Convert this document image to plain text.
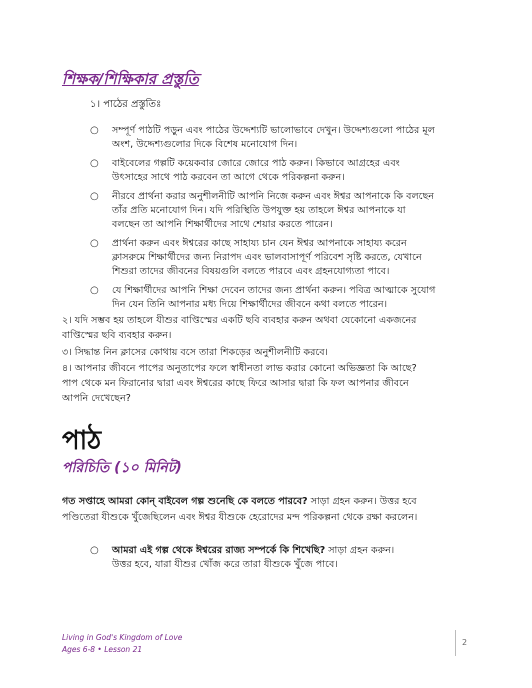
শিক্ষক/শিক্ষিকার প্রস্তুতি
১। পাঠের প্রস্তুতিঃ
○ সম্পূর্ণ পাঠটি পড়ুন এবং পাঠের উদ্দেশ্যটি ভালোভাবে দেখুন। উদ্দেশ্যগুলো পাঠের মূল
অংশ, উদ্দেশ্যগুলোর দিকে বিশেষ মনোযোগ দিন।
○ বাইবেলের গল্পটি কয়েকবার জোরে জোরে পাঠ করুন। কিভাবে আগ্রহের এবং
উৎসাহের সাথে পাঠ করবেন তা আগে থেকে পরিকল্পনা করুন।
○ নীরবে প্রার্থনা করার অনুশীলনীটি আপনি নিজে করুন এবং ঈশ্বর আপনাকে কি বলছেন
তাঁর প্রতি মনোযোগ দিন। যদি পরিস্থিতি উপযুক্ত হয় তাহলে ঈশ্বর আপনাকে যা
বলছেন তা আপনি শিক্ষার্থীদের সাথে শেয়ার করতে পারেন।
○ প্রার্থনা করুন এবং ঈশ্বরের কাছে সাহায্য চান যেন ঈশ্বর আপনাকে সাহায্য করেন
ক্লাসরুমে শিক্ষার্থীদের জন্য নিরাপদ এবং ভালবাসাপূর্ণ পরিবেশ সৃষ্টি করতে, যেখানে
শিশুরা তাদের জীবনের বিষয়গুলি বলতে পারবে এবং গ্রহনযোগ্যতা পাবে।
○ যে শিক্ষার্থীদের আপনি শিক্ষা দেবেন তাদের জন্য প্রার্থনা করুন। পবিত্র আত্মাকে সুযোগ
দিন যেন তিনি আপনার মধ্য দিয়ে শিক্ষার্থীদের জীবনে কথা বলতে পারেন।
২। যদি সম্ভব হয় তাহলে যীশুর বাপ্তিস্মের একটি ছবি ব্যবহার করুন অথবা যেকোনো একজনের
বাপ্তিস্মের ছবি ব্যবহার করুন।
৩। সিদ্ধান্ত নিন ক্লাসের কোথায় বসে তারা শিকড়ের অনুশীলনীটি করবে।
৪। আপনার জীবনে পাপের অনুতাপের ফলে স্বাধীনতা লাভ করার কোনো অভিজ্ঞতা কি আছে?
পাপ থেকে মন ফিরানোর দ্বারা এবং ঈশ্বরের কাছে ফিরে আসার দ্বারা কি ফল আপনার জীবনে
আপনি দেখেছেন?
পাঠ
পরিচিতি (১০ মিনিট)
গত সপ্তাহে আমরা কোন্‌ বাইবেল গল্প শুনেছি কে বলতে পারবে? সাড়া গ্রহন করুন। উত্তর হবে
পণ্ডিতেরা যীশুকে খুঁজেছিলেন এবং ঈশ্বর যীশুকে হেরোদের মন্দ পরিকল্পনা থেকে রক্ষা করলেন।
○ আমরা এই গল্প থেকে ঈশ্বরের রাজ্য সম্পর্কে কি শিখেছি? সাড়া গ্রহন করুন।
উত্তর হবে, যারা যীশুর খোঁজ করে তারা যীশুকে খুঁজে পাবে।
Living in God's Kingdom of Love
Ages 6-8 • Lesson 21
2
